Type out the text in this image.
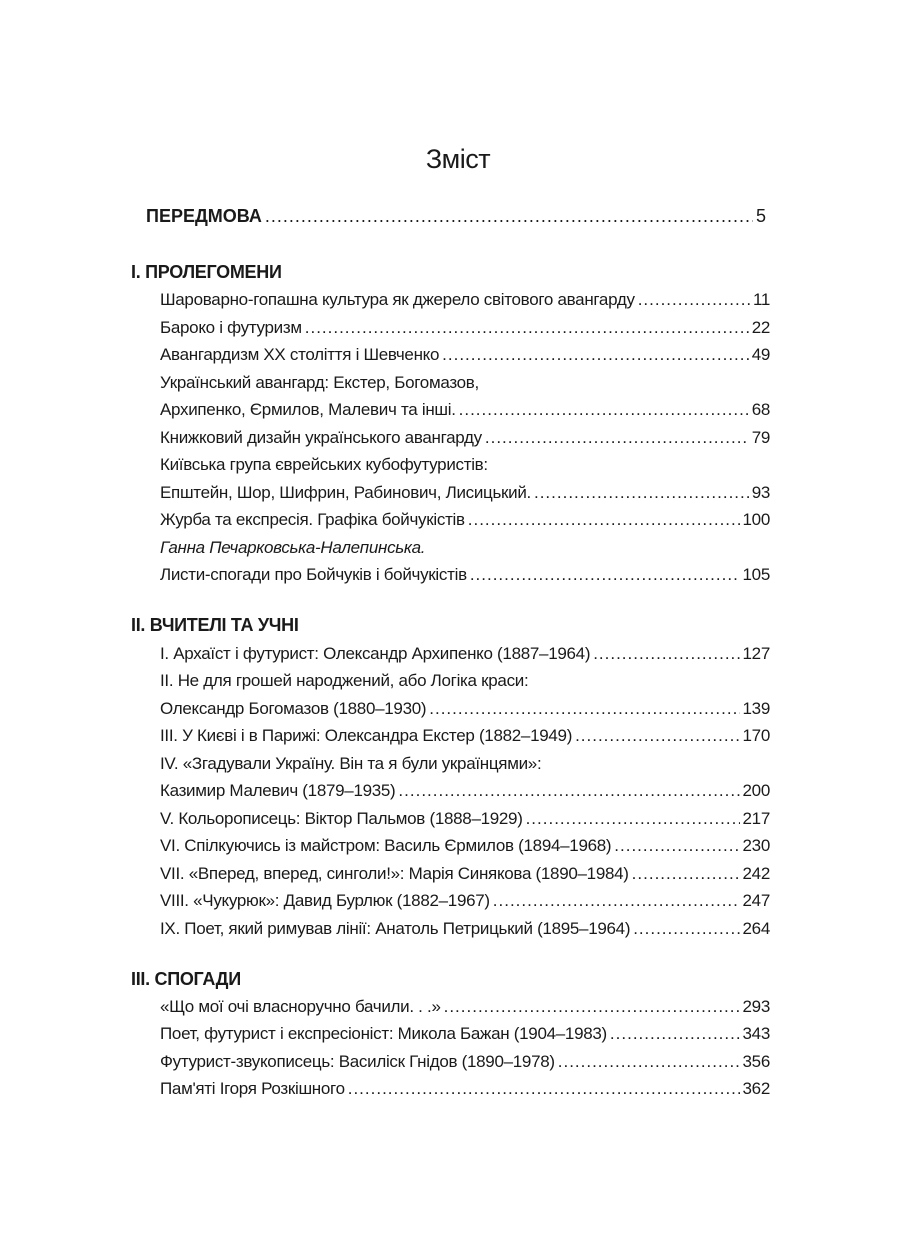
Зміст
ПЕРЕДМОВА .....	5
I. ПРОЛЕГОМЕНИ
Шароварно-гопашна культура як джерело світового авангарду .....	11
Бароко і футуризм .....	22
Авангардизм ХХ століття і Шевченко .....	49
Український авангард: Екстер, Богомазов,
Архипенко, Єрмилов, Малевич та інші. .....	68
Книжковий дизайн українського авангарду .....	79
Київська група єврейських кубофутуристів:
Епштейн, Шор, Шифрин, Рабинович, Лисицький. .....	93
Журба та експресія. Графіка бойчукістів .....	100
Ганна Печарковська-Налепинська.
Листи-спогади про Бойчуків і бойчукістів .....	105
II. ВЧИТЕЛІ ТА УЧНІ
I. Архаїст і футурист: Олександр Архипенко (1887–1964) .....	127
II. Не для грошей народжений, або Логіка краси:
Олександр Богомазов (1880–1930) .....	139
III. У Києві і в Парижі: Олександра Екстер (1882–1949) .....	170
IV. «Згадували Україну. Він та я були українцями»:
Казимир Малевич (1879–1935) .....	200
V. Кольорописець: Віктор Пальмов (1888–1929) .....	217
VI. Спілкуючись із майстром: Василь Єрмилов (1894–1968) .....	230
VII. «Вперед, вперед, синголи!»: Марія Синякова (1890–1984) .....	242
VIII. «Чукурюк»: Давид Бурлюк (1882–1967) .....	247
IX. Поет, який римував лінії: Анатоль Петрицький (1895–1964) .....	264
III. СПОГАДИ
«Що мої очі власноручно бачили. . .» .....	293
Поет, футурист і експресіоніст: Микола Бажан (1904–1983) .....	343
Футурист-звукописець: Василіск Гнідов (1890–1978) .....	356
Пам'яті Ігоря Розкішного .....	362
